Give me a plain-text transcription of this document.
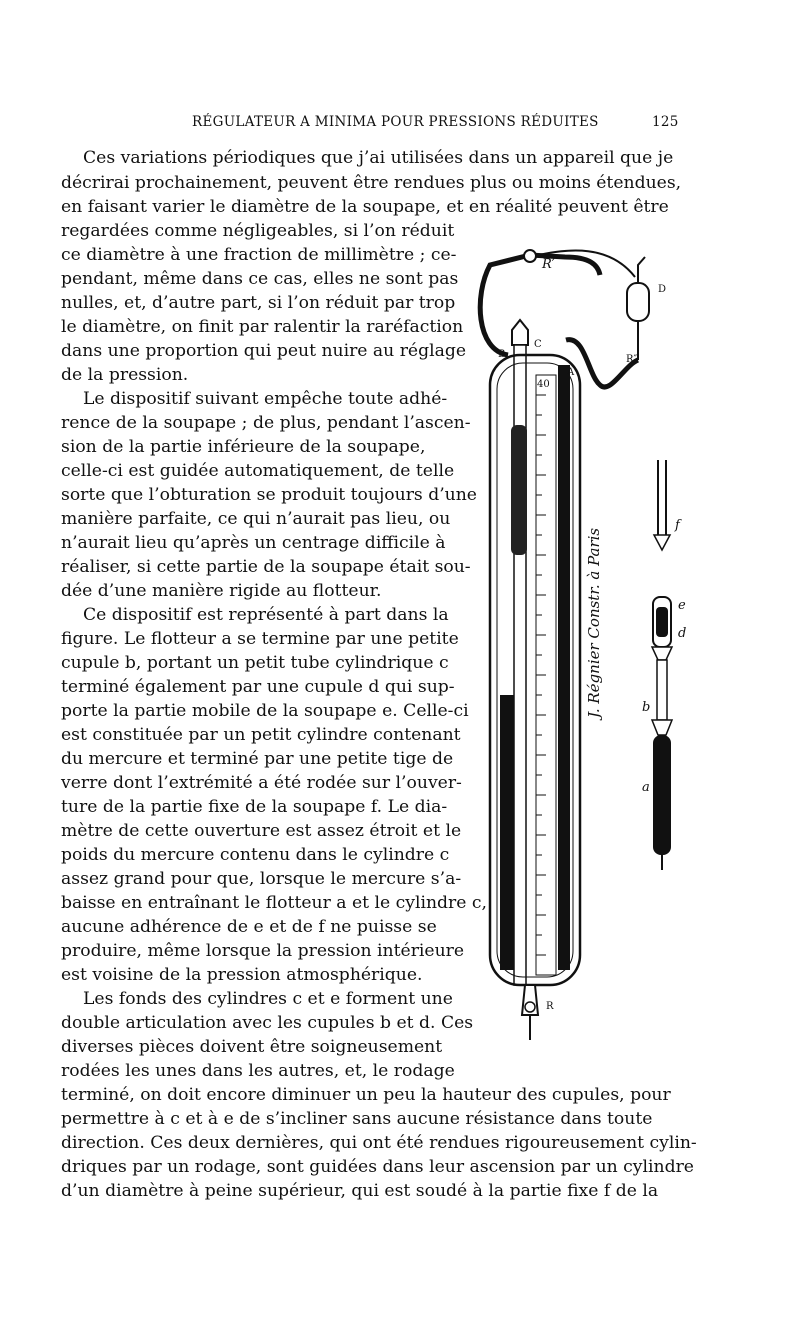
RÉGULATEUR A MINIMA POUR PRESSIONS RÉDUITES	125
Ces variations périodiques que j’ai utilisées dans un appareil que je
décrirai prochainement, peuvent être rendues plus ou moins étendues,
en faisant varier le diamètre de la soupape, et en réalité peuvent être
regardées comme négligeables, si l’on réduit
ce diamètre à une fraction de millimètre ; ce-
pendant, même dans ce cas, elles ne sont pas
nulles, et, d’autre part, si l’on réduit par trop
le diamètre, on finit par ralentir la raréfaction
dans une proportion qui peut nuire au réglage
de la pression.
Le dispositif suivant empêche toute adhé-
rence de la soupape ; de plus, pendant l’ascen-
sion de la partie inférieure de la soupape,
celle-ci est guidée automatiquement, de telle
sorte que l’obturation se produit toujours d’une
manière parfaite, ce qui n’aurait pas lieu, ou
n’aurait lieu qu’après un centrage difficile à
réaliser, si cette partie de la soupape était sou-
dée d’une manière rigide au flotteur.
Ce dispositif est représenté à part dans la
figure. Le flotteur a se termine par une petite
cupule b, portant un petit tube cylindrique c
terminé également par une cupule d qui sup-
porte la partie mobile de la soupape e. Celle-ci
est constituée par un petit cylindre contenant
du mercure et terminé par une petite tige de
verre dont l’extrémité a été rodée sur l’ouver-
ture de la partie fixe de la soupape f. Le dia-
mètre de cette ouverture est assez étroit et le
poids du mercure contenu dans le cylindre c
assez grand pour que, lorsque le mercure s’a-
baisse en entraînant le flotteur a et le cylindre c,
aucune adhérence de e et de f ne puisse se
produire, même lorsque la pression intérieure
est voisine de la pression atmosphérique.
Les fonds des cylindres c et e forment une
double articulation avec les cupules b et d. Ces
diverses pièces doivent être soigneusement
rodées les unes dans les autres, et, le rodage
terminé, on doit encore diminuer un peu la hauteur des cupules, pour
permettre à c et à e de s’incliner sans aucune résistance dans toute
direction. Ces deux dernières, qui ont été rendues rigoureusement cylin-
driques par un rodage, sont guidées dans leur ascension par un cylindre
d’un diamètre à peine supérieur, qui est soudé à la partie fixe f de la
R′
D
B
C
R″
A
40
R
f
e
d
b
a
J. Régnier Constr. à Paris
